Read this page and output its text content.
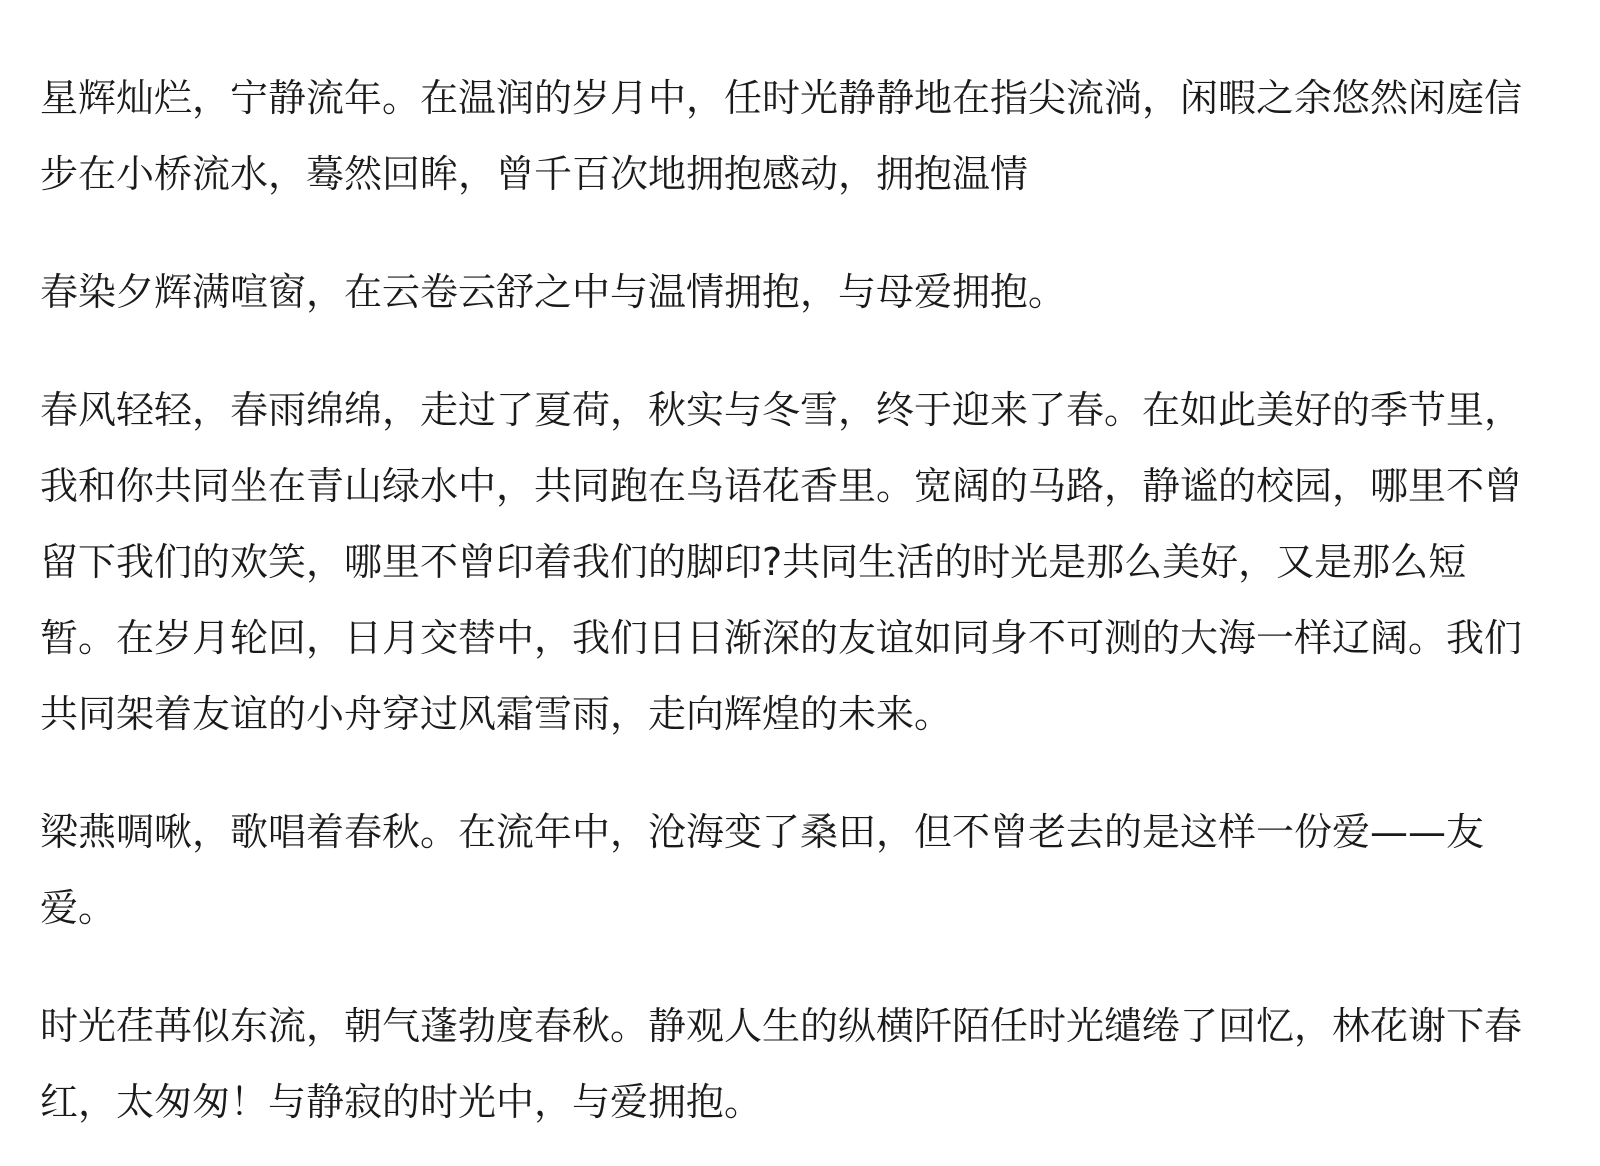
星辉灿烂，宁静流年。在温润的岁月中，任时光静静地在指尖流淌，闲暇之余悠然闲庭信步在小桥流水，蓦然回眸，曾千百次地拥抱感动，拥抱温情

春染夕辉满喧窗，在云卷云舒之中与温情拥抱，与母爱拥抱。

春风轻轻，春雨绵绵，走过了夏荷，秋实与冬雪，终于迎来了春。在如此美好的季节里，我和你共同坐在青山绿水中，共同跑在鸟语花香里。宽阔的马路，静谧的校园，哪里不曾留下我们的欢笑，哪里不曾印着我们的脚印?共同生活的时光是那么美好，又是那么短暂。在岁月轮回，日月交替中，我们日日渐深的友谊如同身不可测的大海一样辽阔。我们共同架着友谊的小舟穿过风霜雪雨，走向辉煌的未来。

梁燕啁啾，歌唱着春秋。在流年中，沧海变了桑田，但不曾老去的是这样一份爱——友爱。

时光荏苒似东流，朝气蓬勃度春秋。静观人生的纵横阡陌任时光缱绻了回忆，林花谢下春红，太匆匆！与静寂的时光中，与爱拥抱。
